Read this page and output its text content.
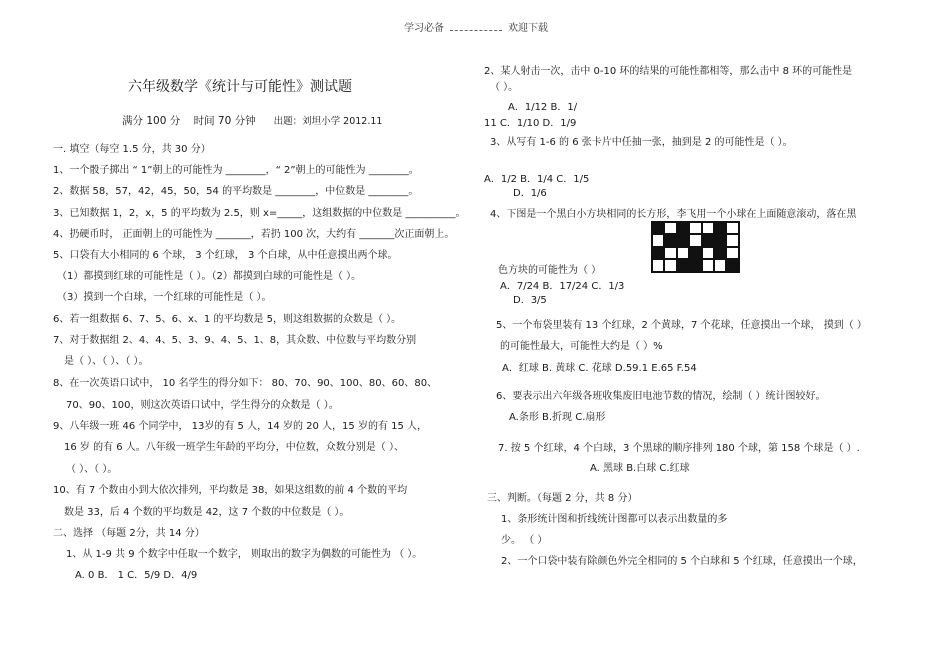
学习必备	欢迎下载
六年级数学《统计与可能性》测试题
满分 100 分 时间 70 分钟 出题：刘坦小学 2012.11
一. 填空（每空 1.5 分，共 30 分）
1、一个骰子掷出 “ 1”朝上的可能性为 ________，“ 2”朝上的可能性为 ________。
2、数据 58，57，42，45，50，54 的平均数是 ________，中位数是 ________。
3、已知数据 1，2，x，5 的平均数为 2.5，则 x=_____，这组数据的中位数是 __________。
4、扔硬币时， 正面朝上的可能性为 _______，若扔 100 次，大约有 _______次正面朝上。
5、口袋有大小相同的 6 个球， 3 个红球， 3 个白球，从中任意摸出两个球。
（1）都摸到红球的可能性是（ ）。（2）都摸到白球的可能性是（ ）。
（3）摸到一个白球，一个红球的可能性是（ ）。
6、若一组数据 6、7、5、6、x、1 的平均数是 5，则这组数据的众数是（ ）。
7、对于数据组 2、4、4、5、3、9、4、5、1、8，其众数、中位数与平均数分别
是（ ）、（ ）、（ ）。
8、在一次英语口试中， 10 名学生的得分如下： 80、70、90、100、80、60、80、
70、90、100，则这次英语口试中，学生得分的众数是（ ）。
9、八年级一班 46 个同学中， 13岁的有 5 人，14 岁的 20 人，15 岁的有 15 人，
16 岁 的有 6 人。八年级一班学生年龄的平均分，中位数，众数分别是（ ）、
（ ）、（ ）。
10、有 7 个数由小到大依次排列，平均数是 38，如果这组数的前 4 个数的平均
数是 33，后 4 个数的平均数是 42，这 7 个数的中位数是（ ）。
二、选择 （每题 2分，共 14 分）
1、从 1-9 共 9 个数字中任取一个数字， 则取出的数字为偶数的可能性为 （ ）。
A. 0 B． 1 C．5/9 D．4/9
2、某人射击一次，击中 0-10 环的结果的可能性都相等，那么击中 8 环的可能性是
（ ）。
A．1/12 B．1/
11 C．1/10 D．1/9
3、从写有 1-6 的 6 张卡片中任抽一张，抽到是 2 的可能性是（ ）。
A．1/2 B．1/4 C．1/5
D．1/6
4、下图是一个黑白小方块相同的长方形，李飞用一个小球在上面随意滚动，落在黑
色方块的可能性为（ ）
A．7/24 B．17/24 C．1/3
D．3/5
5、一个布袋里装有 13 个红球，2 个黄球，7 个花球，任意摸出一个球， 摸到（ ）
的可能性最大，可能性大约是（ ）%
A．红球 B. 黄球 C. 花球 D.59.1 E.65 F.54
6、要表示出六年级各班收集废旧电池节数的情况，绘制（ ）统计图较好。
A.条形 B.折现 C.扇形
7. 按 5 个红球，4 个白球，3 个黑球的顺序排列 180 个球，第 158 个球是（ ）.
A. 黑球 B.白球 C.红球
三、判断。（每题 2 分，共 8 分）
1、条形统计图和折线统计图都可以表示出数量的多
少。 （ ）
2、一个口袋中装有除颜色外完全相同的 5 个白球和 5 个红球，任意摸出一个球，
